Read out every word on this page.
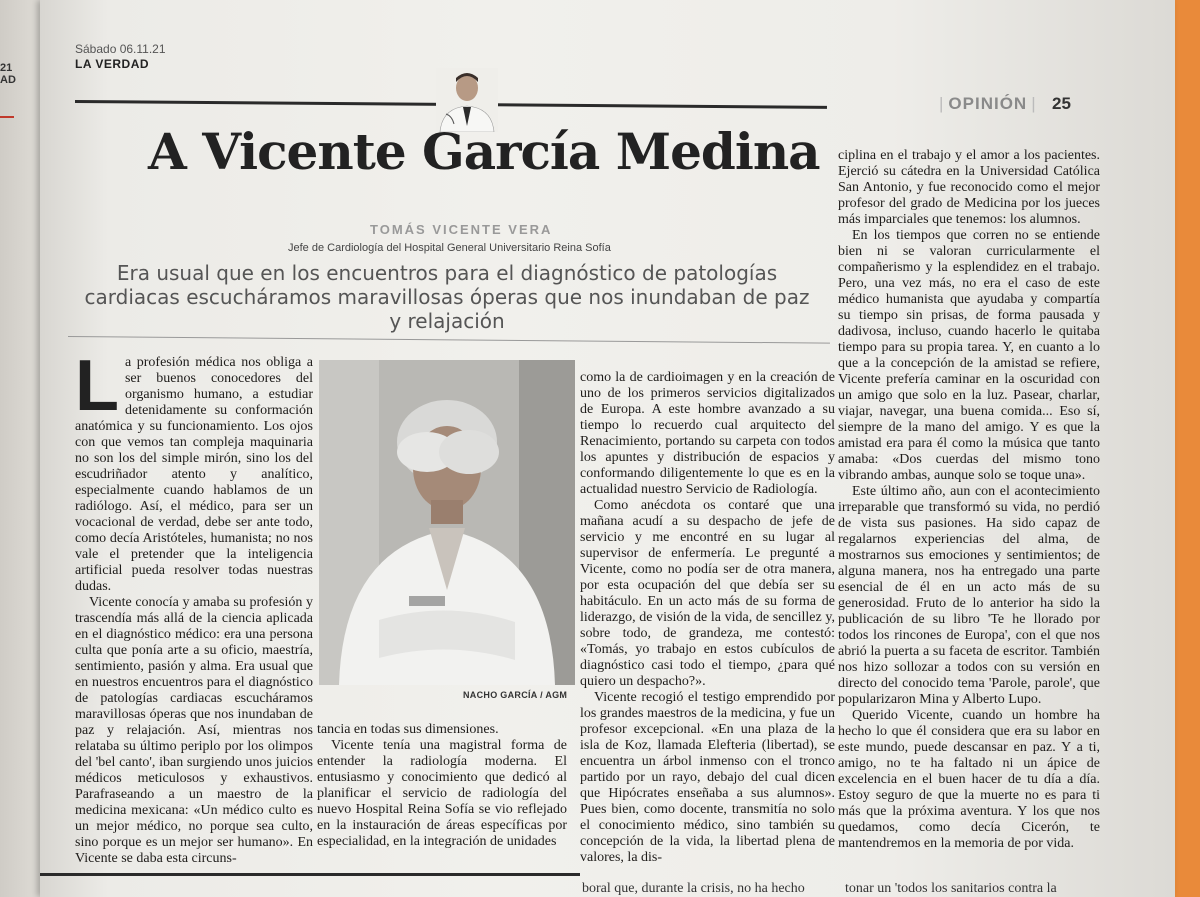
21
AD
Sábado 06.11.21
LA VERDAD
| OPINIÓN | 25
A Vicente García Medina
TOMÁS VICENTE VERA
Jefe de Cardiología del Hospital General Universitario Reina Sofía
Era usual que en los encuentros para el diagnóstico de patologías cardiacas escucháramos maravillosas óperas que nos inundaban de paz y relajación

La profesión médica nos obliga a ser buenos conocedores del organismo humano, a estudiar detenidamente su conformación anatómica y su funcionamiento. Los ojos con que vemos tan compleja maquinaria no son los del simple mirón, sino los del escudriñador atento y analítico, especialmente cuando hablamos de un radiólogo. Así, el médico, para ser un vocacional de verdad, debe ser ante todo, como decía Aristóteles, humanista; no nos vale el pretender que la inteligencia artificial pueda resolver todas nuestras dudas.

Vicente conocía y amaba su profesión y trascendía más allá de la ciencia aplicada en el diagnóstico médico: era una persona culta que ponía arte a su oficio, maestría, sentimiento, pasión y alma. Era usual que en nuestros encuentros para el diagnóstico de patologías cardiacas escucháramos maravillosas óperas que nos inundaban de paz y relajación. Así, mientras nos relataba su último periplo por los olimpos del 'bel canto', iban surgiendo unos juicios médicos meticulosos y exhaustivos. Parafraseando a un maestro de la medicina mexicana: «Un médico culto es un mejor médico, no porque sea culto, sino porque es un mejor ser humano». En Vicente se daba esta circuns-

NACHO GARCÍA / AGM

tancia en todas sus dimensiones.

Vicente tenía una magistral forma de entender la radiología moderna. El entusiasmo y conocimiento que dedicó al planificar el servicio de radiología del nuevo Hospital Reina Sofía se vio reflejado en la instauración de áreas específicas por especialidad, en la integración de unidades

como la de cardioimagen y en la creación de uno de los primeros servicios digitalizados de Europa. A este hombre avanzado a su tiempo lo recuerdo cual arquitecto del Renacimiento, portando su carpeta con todos los apuntes y distribución de espacios y conformando diligentemente lo que es en la actualidad nuestro Servicio de Radiología.

Como anécdota os contaré que una mañana acudí a su despacho de jefe de servicio y me encontré en su lugar al supervisor de enfermería. Le pregunté a Vicente, como no podía ser de otra manera, por esta ocupación del que debía ser su habitáculo. En un acto más de su forma de liderazgo, de visión de la vida, de sencillez y, sobre todo, de grandeza, me contestó: «Tomás, yo trabajo en estos cubículos de diagnóstico casi todo el tiempo, ¿para qué quiero un despacho?».

Vicente recogió el testigo emprendido por los grandes maestros de la medicina, y fue un profesor excepcional. «En una plaza de la isla de Koz, llamada Elefteria (libertad), se encuentra un árbol inmenso con el tronco partido por un rayo, debajo del cual dicen que Hipócrates enseñaba a sus alumnos». Pues bien, como docente, transmitía no solo el conocimiento médico, sino también su concepción de la vida, la libertad plena de valores, la dis-

ciplina en el trabajo y el amor a los pacientes. Ejerció su cátedra en la Universidad Católica San Antonio, y fue reconocido como el mejor profesor del grado de Medicina por los jueces más imparciales que tenemos: los alumnos.

En los tiempos que corren no se entiende bien ni se valoran curricularmente el compañerismo y la esplendidez en el trabajo. Pero, una vez más, no era el caso de este médico humanista que ayudaba y compartía su tiempo sin prisas, de forma pausada y dadivosa, incluso, cuando hacerlo le quitaba tiempo para su propia tarea. Y, en cuanto a lo que a la concepción de la amistad se refiere, Vicente prefería caminar en la oscuridad con un amigo que solo en la luz. Pasear, charlar, viajar, navegar, una buena comida... Eso sí, siempre de la mano del amigo. Y es que la amistad era para él como la música que tanto amaba: «Dos cuerdas del mismo tono vibrando ambas, aunque solo se toque una».

Este último año, aun con el acontecimiento irreparable que transformó su vida, no perdió de vista sus pasiones. Ha sido capaz de regalarnos experiencias del alma, de mostrarnos sus emociones y sentimientos; de alguna manera, nos ha entregado una parte esencial de él en un acto más de su generosidad. Fruto de lo anterior ha sido la publicación de su libro 'Te he llorado por todos los rincones de Europa', con el que nos abrió la puerta a su faceta de escritor. También nos hizo sollozar a todos con su versión en directo del conocido tema 'Parole, parole', que popularizaron Mina y Alberto Lupo.

Querido Vicente, cuando un hombre ha hecho lo que él considera que era su labor en este mundo, puede descansar en paz. Y a ti, amigo, no te ha faltado ni un ápice de excelencia en el buen hacer de tu día a día. Estoy seguro de que la muerte no es para ti más que la próxima aventura. Y los que nos quedamos, como decía Cicerón, te mantendremos en la memoria de por vida.

boral que, durante la crisis, no ha hecho	tonar un 'todos los sanitarios contra la
